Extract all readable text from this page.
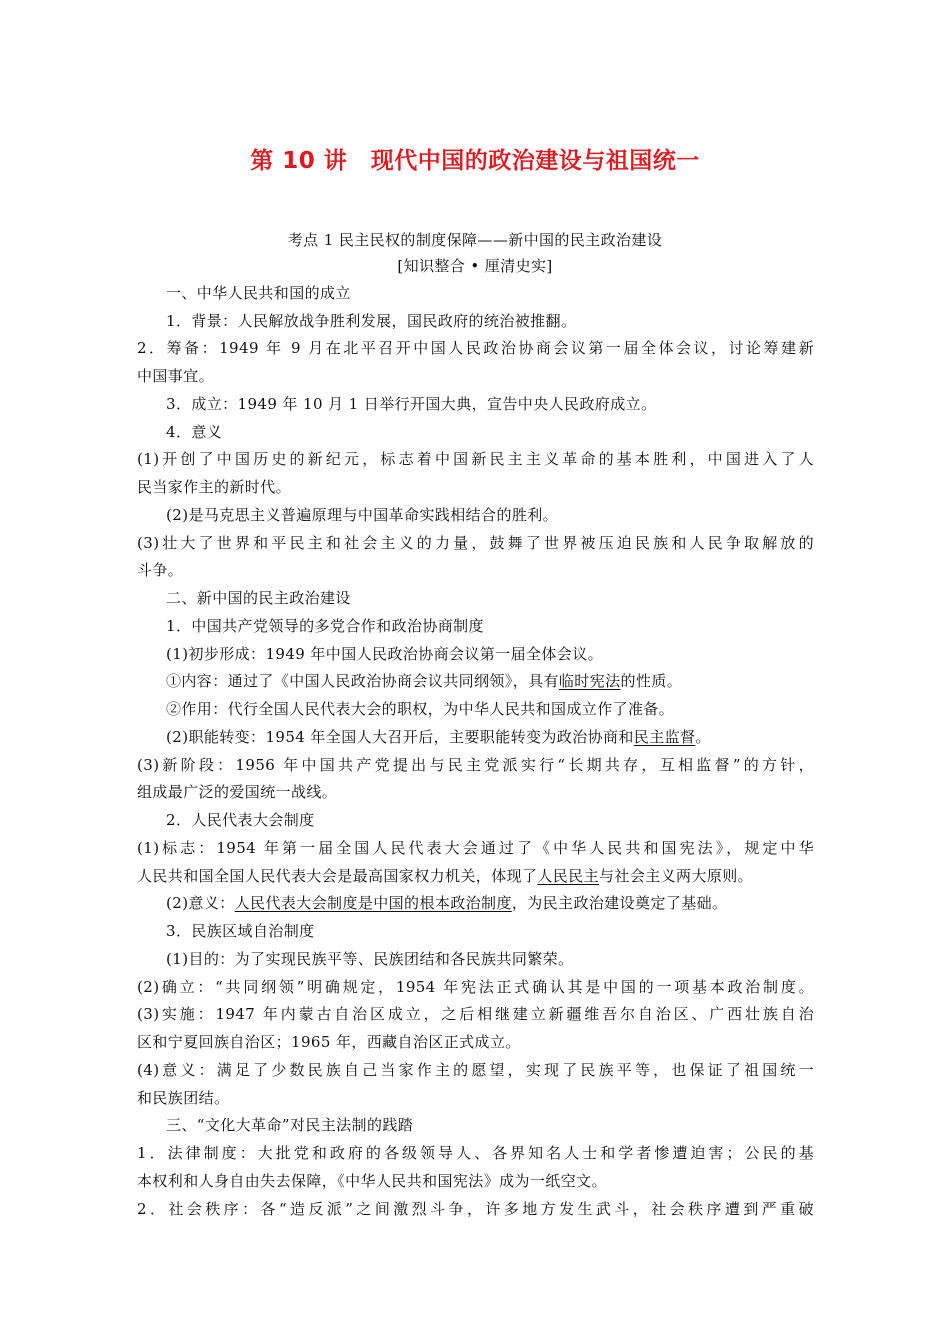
第 10 讲　现代中国的政治建设与祖国统一
考点 1 民主民权的制度保障——新中国的民主政治建设
[知识整合 • 厘清史实]
一、中华人民共和国的成立
1．背景：人民解放战争胜利发展，国民政府的统治被推翻。
2．筹备：1949 年 9 月在北平召开中国人民政治协商会议第一届全体会议，讨论筹建新
中国事宜。
3．成立：1949 年 10 月 1 日举行开国大典，宣告中央人民政府成立。
4．意义
(1)开创了中国历史的新纪元，标志着中国新民主主义革命的基本胜利，中国进入了人
民当家作主的新时代。
(2)是马克思主义普遍原理与中国革命实践相结合的胜利。
(3)壮大了世界和平民主和社会主义的力量，鼓舞了世界被压迫民族和人民争取解放的
斗争。
二、新中国的民主政治建设
1．中国共产党领导的多党合作和政治协商制度
(1)初步形成：1949 年中国人民政治协商会议第一届全体会议。
①内容：通过了《中国人民政治协商会议共同纲领》，具有临时宪法的性质。
②作用：代行全国人民代表大会的职权，为中华人民共和国成立作了准备。
(2)职能转变：1954 年全国人大召开后，主要职能转变为政治协商和民主监督。
(3)新阶段：1956 年中国共产党提出与民主党派实行“长期共存，互相监督”的方针，
组成最广泛的爱国统一战线。
2．人民代表大会制度
(1)标志：1954 年第一届全国人民代表大会通过了《中华人民共和国宪法》，规定中华
人民共和国全国人民代表大会是最高国家权力机关，体现了人民民主与社会主义两大原则。
(2)意义：人民代表大会制度是中国的根本政治制度，为民主政治建设奠定了基础。
3．民族区域自治制度
(1)目的：为了实现民族平等、民族团结和各民族共同繁荣。
(2)确立：“共同纲领”明确规定，1954 年宪法正式确认其是中国的一项基本政治制度。
(3)实施：1947 年内蒙古自治区成立，之后相继建立新疆维吾尔自治区、广西壮族自治
区和宁夏回族自治区；1965 年，西藏自治区正式成立。
(4)意义：满足了少数民族自己当家作主的愿望，实现了民族平等，也保证了祖国统一
和民族团结。
三、“文化大革命”对民主法制的践踏
1．法律制度：大批党和政府的各级领导人、各界知名人士和学者惨遭迫害；公民的基
本权利和人身自由失去保障，《中华人民共和国宪法》成为一纸空文。
2．社会秩序：各“造反派”之间激烈斗争，许多地方发生武斗，社会秩序遭到严重破
